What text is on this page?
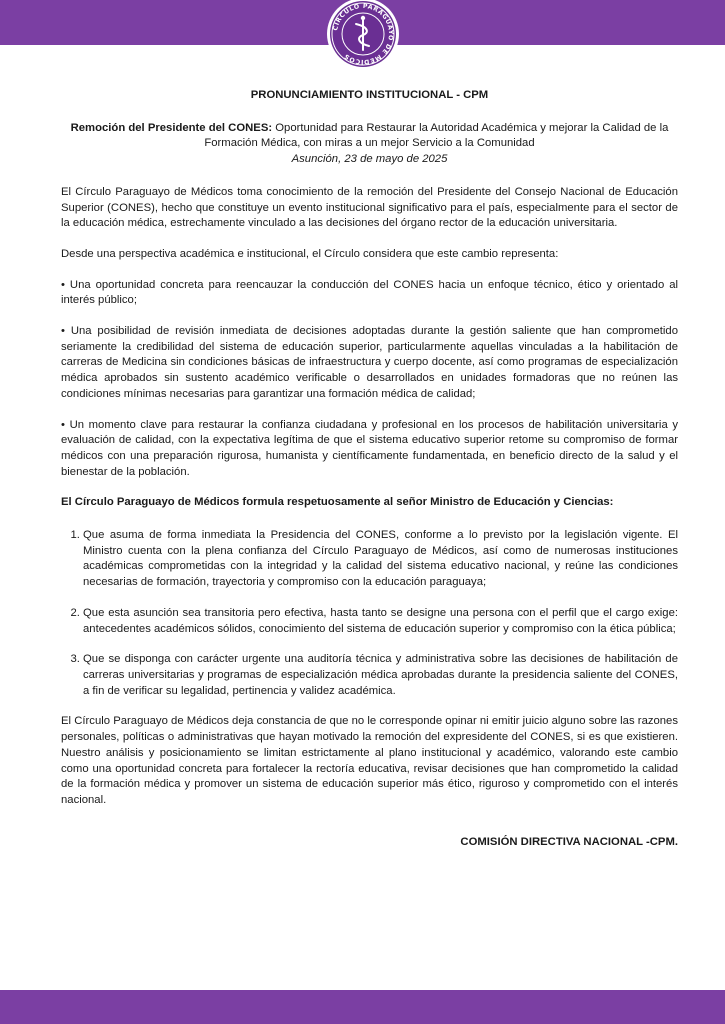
CIRCULO PARAGUAYO DE MEDICOS
PRONUNCIAMIENTO INSTITUCIONAL - CPM
Remoción del Presidente del CONES: Oportunidad para Restaurar la Autoridad Académica y mejorar la Calidad de la Formación Médica, con miras a un mejor Servicio a la Comunidad
Asunción, 23 de mayo de 2025

El Círculo Paraguayo de Médicos toma conocimiento de la remoción del Presidente del Consejo Nacional de Educación Superior (CONES), hecho que constituye un evento institucional significativo para el país, especialmente para el sector de la educación médica, estrechamente vinculado a las decisiones del órgano rector de la educación universitaria.

Desde una perspectiva académica e institucional, el Círculo considera que este cambio representa:

• Una oportunidad concreta para reencauzar la conducción del CONES hacia un enfoque técnico, ético y orientado al interés público;

• Una posibilidad de revisión inmediata de decisiones adoptadas durante la gestión saliente que han comprometido seriamente la credibilidad del sistema de educación superior, particularmente aquellas vinculadas a la habilitación de carreras de Medicina sin condiciones básicas de infraestructura y cuerpo docente, así como programas de especialización médica aprobados sin sustento académico verificable o desarrollados en unidades formadoras que no reúnen las condiciones mínimas necesarias para garantizar una formación médica de calidad;

• Un momento clave para restaurar la confianza ciudadana y profesional en los procesos de habilitación universitaria y evaluación de calidad, con la expectativa legítima de que el sistema educativo superior retome su compromiso de formar médicos con una preparación rigurosa, humanista y científicamente fundamentada, en beneficio directo de la salud y el bienestar de la población.

El Círculo Paraguayo de Médicos formula respetuosamente al señor Ministro de Educación y Ciencias:
1. Que asuma de forma inmediata la Presidencia del CONES, conforme a lo previsto por la legislación vigente. El Ministro cuenta con la plena confianza del Círculo Paraguayo de Médicos, así como de numerosas instituciones académicas comprometidas con la integridad y la calidad del sistema educativo nacional, y reúne las condiciones necesarias de formación, trayectoria y compromiso con la educación paraguaya;
2. Que esta asunción sea transitoria pero efectiva, hasta tanto se designe una persona con el perfil que el cargo exige: antecedentes académicos sólidos, conocimiento del sistema de educación superior y compromiso con la ética pública;
3. Que se disponga con carácter urgente una auditoría técnica y administrativa sobre las decisiones de habilitación de carreras universitarias y programas de especialización médica aprobadas durante la presidencia saliente del CONES, a fin de verificar su legalidad, pertinencia y validez académica.

El Círculo Paraguayo de Médicos deja constancia de que no le corresponde opinar ni emitir juicio alguno sobre las razones personales, políticas o administrativas que hayan motivado la remoción del expresidente del CONES, si es que existieren. Nuestro análisis y posicionamiento se limitan estrictamente al plano institucional y académico, valorando este cambio como una oportunidad concreta para fortalecer la rectoría educativa, revisar decisiones que han comprometido la calidad de la formación médica y promover un sistema de educación superior más ético, riguroso y comprometido con el interés nacional.

COMISIÓN DIRECTIVA NACIONAL -CPM.
